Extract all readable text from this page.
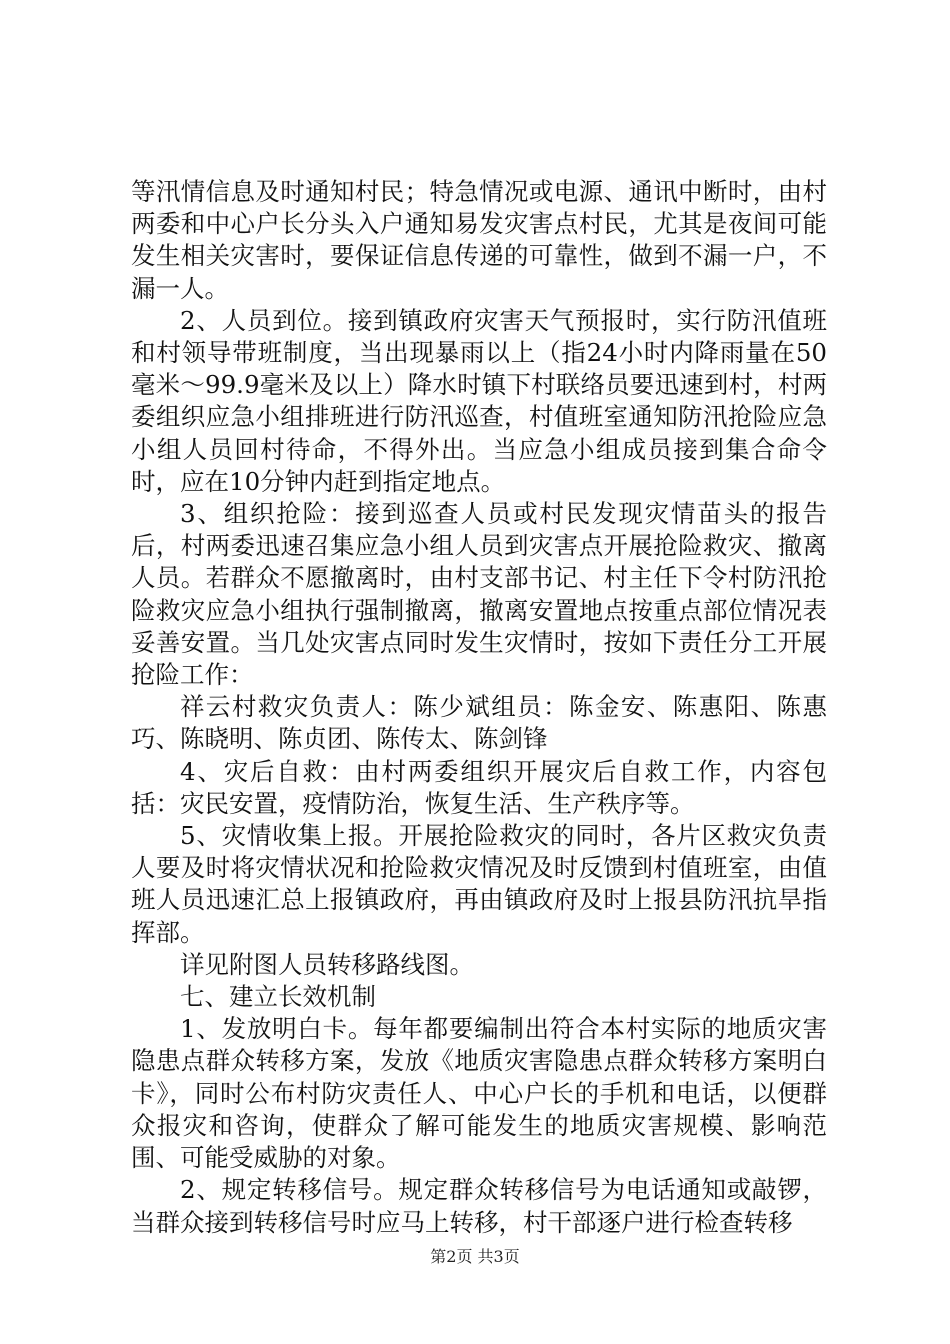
等汛情信息及时通知村民；特急情况或电源、通讯中断时，由村两委和中心户长分头入户通知易发灾害点村民，尤其是夜间可能发生相关灾害时，要保证信息传递的可靠性，做到不漏一户，不漏一人。

2、人员到位。接到镇政府灾害天气预报时，实行防汛值班和村领导带班制度，当出现暴雨以上（指24小时内降雨量在50毫米～99.9毫米及以上）降水时镇下村联络员要迅速到村，村两委组织应急小组排班进行防汛巡查，村值班室通知防汛抢险应急小组人员回村待命，不得外出。当应急小组成员接到集合命令时，应在10分钟内赶到指定地点。

3、组织抢险：接到巡查人员或村民发现灾情苗头的报告后，村两委迅速召集应急小组人员到灾害点开展抢险救灾、撤离人员。若群众不愿撤离时，由村支部书记、村主任下令村防汛抢险救灾应急小组执行强制撤离，撤离安置地点按重点部位情况表妥善安置。当几处灾害点同时发生灾情时，按如下责任分工开展抢险工作：

祥云村救灾负责人：陈少斌组员：陈金安、陈惠阳、陈惠巧、陈晓明、陈贞团、陈传太、陈剑锋

4、灾后自救：由村两委组织开展灾后自救工作，内容包括：灾民安置，疫情防治，恢复生活、生产秩序等。

5、灾情收集上报。开展抢险救灾的同时，各片区救灾负责人要及时将灾情状况和抢险救灾情况及时反馈到村值班室，由值班人员迅速汇总上报镇政府，再由镇政府及时上报县防汛抗旱指挥部。

详见附图人员转移路线图。

七、建立长效机制

1、发放明白卡。每年都要编制出符合本村实际的地质灾害隐患点群众转移方案，发放《地质灾害隐患点群众转移方案明白卡》，同时公布村防灾责任人、中心户长的手机和电话，以便群众报灾和咨询，使群众了解可能发生的地质灾害规模、影响范围、可能受威胁的对象。

2、规定转移信号。规定群众转移信号为电话通知或敲锣，当群众接到转移信号时应马上转移，村干部逐户进行检查转移

第2页 共3页
